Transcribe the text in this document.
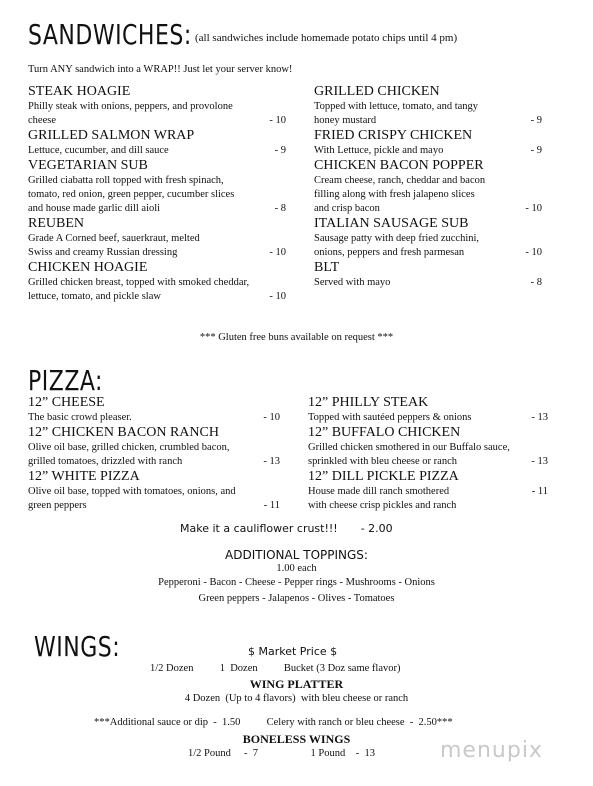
SANDWICHES: (all sandwiches include homemade potato chips until 4 pm)
Turn ANY sandwich into a WRAP!! Just let your server know!
STEAK HOAGIE
Philly steak with onions, peppers, and provolone
cheese	- 10
GRILLED SALMON WRAP
Lettuce, cucumber, and dill sauce	- 9
VEGETARIAN SUB
Grilled ciabatta roll topped with fresh spinach,
tomato, red onion, green pepper, cucumber slices
and house made garlic dill aioli	- 8
REUBEN
Grade A Corned beef, sauerkraut, melted
Swiss and creamy Russian dressing	- 10
CHICKEN HOAGIE
Grilled chicken breast, topped with smoked cheddar,
lettuce, tomato, and pickle slaw	- 10
GRILLED CHICKEN
Topped with lettuce, tomato, and tangy
honey mustard	- 9
FRIED CRISPY CHICKEN
With Lettuce, pickle and mayo	- 9
CHICKEN BACON POPPER
Cream cheese, ranch, cheddar and bacon
filling along with fresh jalapeno slices
and crisp bacon	- 10
ITALIAN SAUSAGE SUB
Sausage patty with deep fried zucchini,
onions, peppers and fresh parmesan	- 10
BLT
Served with mayo	- 8
*** Gluten free buns available on request ***
PIZZA:
12” CHEESE
The basic crowd pleaser.	- 10
12” CHICKEN BACON RANCH
Olive oil base, grilled chicken, crumbled bacon,
grilled tomatoes, drizzled with ranch	- 13
12” WHITE PIZZA
Olive oil base, topped with tomatoes, onions, and
green peppers	- 11
12” PHILLY STEAK
Topped with sautéed peppers & onions	- 13
12” BUFFALO CHICKEN
Grilled chicken smothered in our Buffalo sauce,
sprinkled with bleu cheese or ranch	- 13
12” DILL PICKLE PIZZA
House made dill ranch smothered	- 11
with cheese crisp pickles and ranch
Make it a cauliflower crust!!! - 2.00
ADDITIONAL TOPPINGS:
1.00 each
Pepperoni - Bacon - Cheese - Pepper rings - Mushrooms - Onions
Green peppers - Jalapenos - Olives - Tomatoes
WINGS:	$ Market Price $
1/2 Dozen          1  Dozen          Bucket (3 Doz same flavor)
WING PLATTER
4 Dozen  (Up to 4 flavors)  with bleu cheese or ranch
***Additional sauce or dip  -  1.50          Celery with ranch or bleu cheese  -  2.50***
BONELESS WINGS
1/2 Pound     -  7                    1 Pound    -  13	menupix
